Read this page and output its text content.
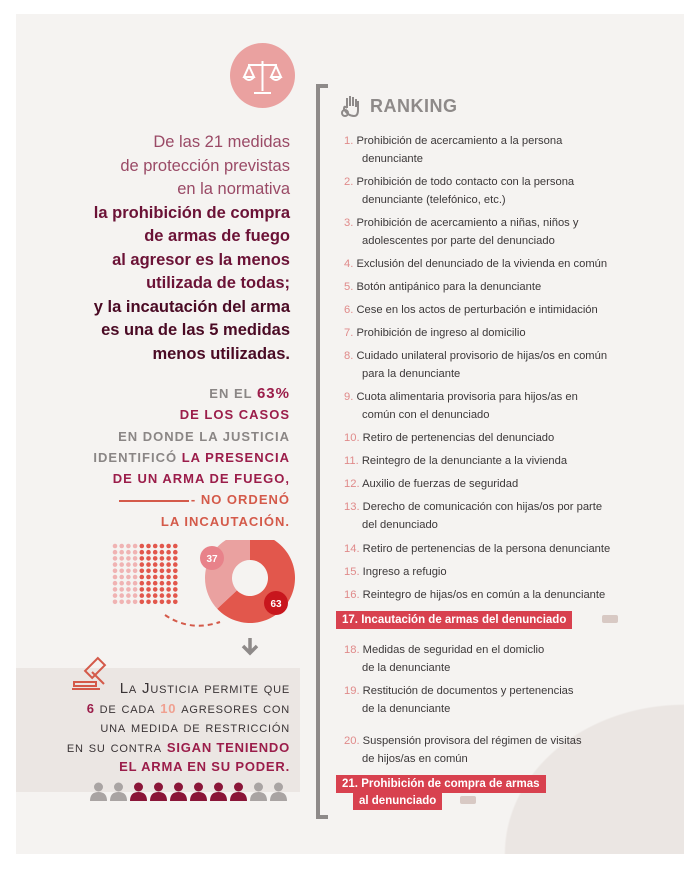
De las 21 medidas
de protección previstas
en la normativa
la prohibición de compra
de armas de fuego
al agresor es la menos
utilizada de todas;
y la incautación del arma
es una de las 5 medidas
menos utilizadas.
EN EL 63%
DE LOS CASOS
EN DONDE LA JUSTICIA
IDENTIFICÓ LA PRESENCIA
DE UN ARMA DE FUEGO,
- NO ORDENÓ
LA INCAUTACIÓN.
37
63
La Justicia permite que
6 de cada 10 agresores con
una medida de restricción
en su contra SIGAN TENIENDO
EL ARMA EN SU PODER.
RANKING
1. Prohibición de acercamiento a la persona
denunciante
2. Prohibición de todo contacto con la persona
denunciante (telefónico, etc.)
3. Prohibición de acercamiento a niñas, niños y
adolescentes por parte del denunciado
4. Exclusión del denunciado de la vivienda en común
5. Botón antipánico para la denunciante
6. Cese en los actos de perturbación e intimidación
7. Prohibición de ingreso al domicilio
8. Cuidado unilateral provisorio de hijas/os en común
para la denunciante
9. Cuota alimentaria provisoria para hijos/as en
común con el denunciado
10. Retiro de pertenencias del denunciado
11. Reintegro de la denunciante a la vivienda
12. Auxilio de fuerzas de seguridad
13. Derecho de comunicación con hijas/os por parte
del denunciado
14. Retiro de pertenencias de la persona denunciante
15. Ingreso a refugio
16. Reintegro de hijas/os en común a la denunciante
17. Incautación de armas del denunciado
18. Medidas de seguridad en el domiclio
de la denunciante
19. Restitución de documentos y pertenencias
de la denunciante
20. Suspensión provisora del régimen de visitas
de hijos/as en común
21. Prohibición de compra de armas
al denunciado
